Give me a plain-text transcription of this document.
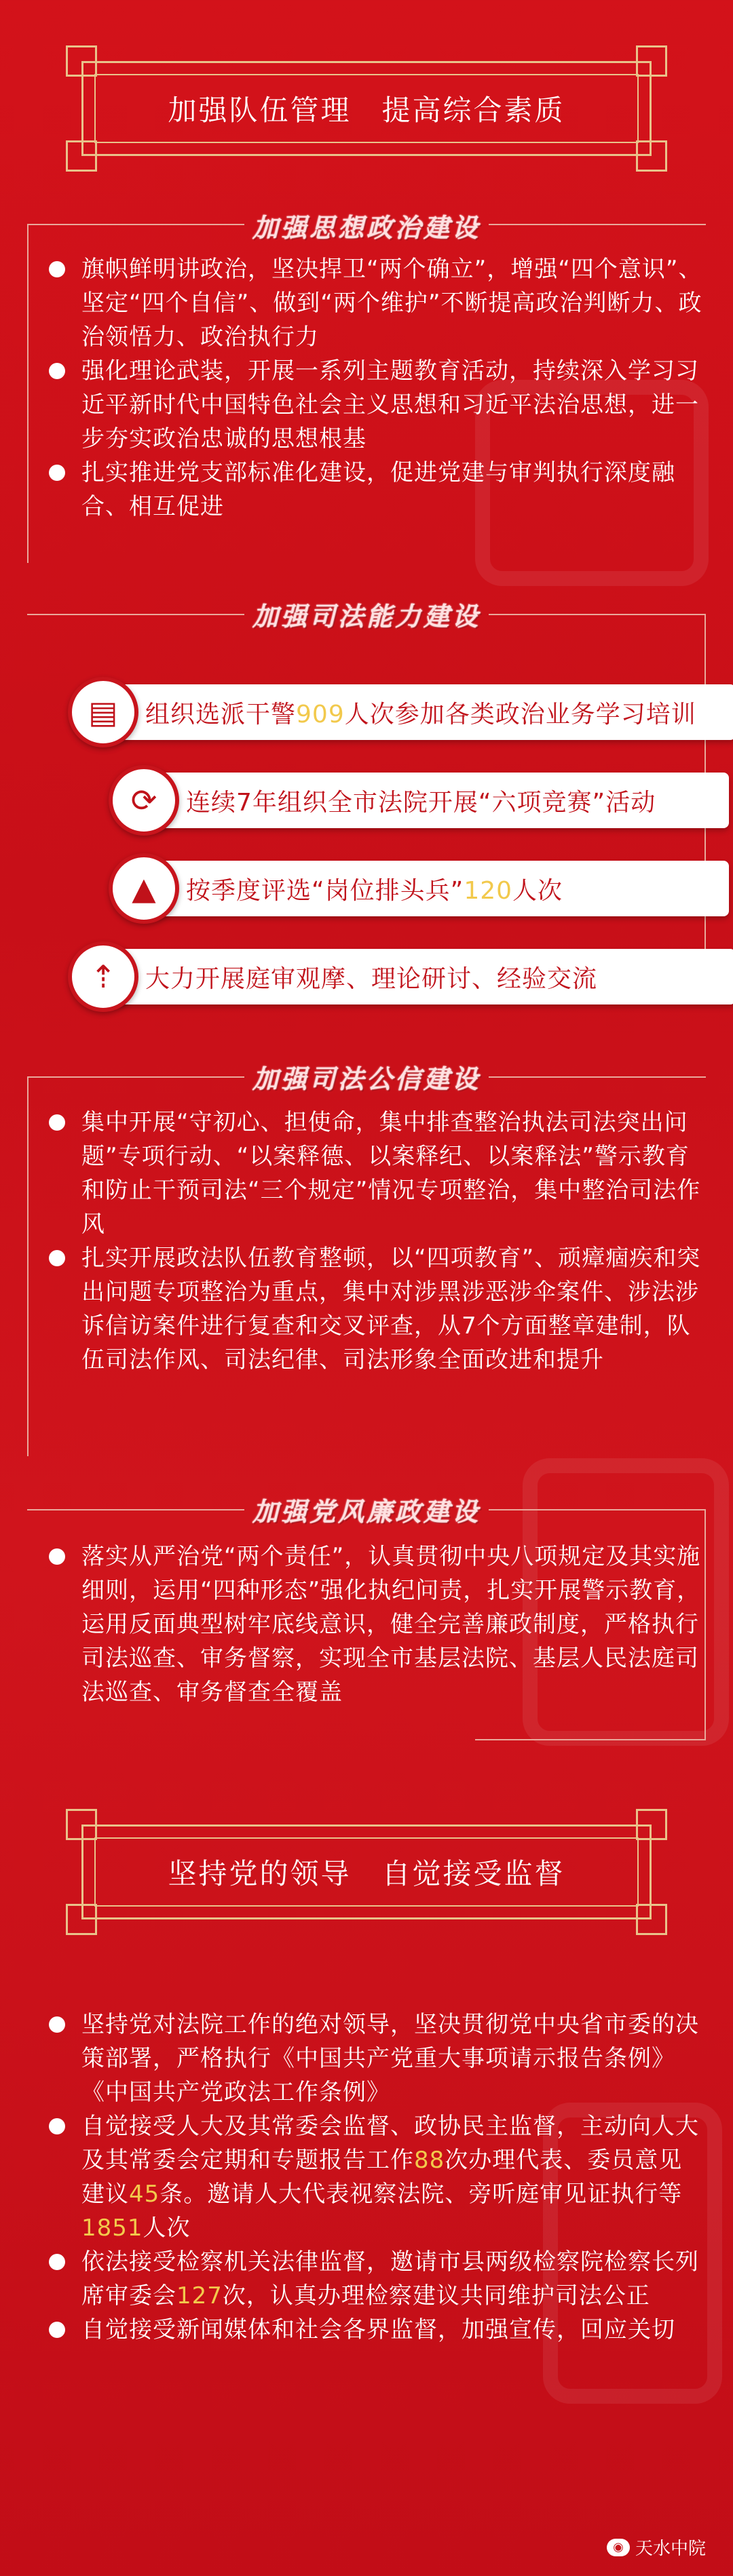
加强队伍管理　提高综合素质
加强思想政治建设
旗帜鲜明讲政治，坚决捍卫“两个确立”，增强“四个意识”、坚定“四个自信”、做到“两个维护”不断提高政治判断力、政治领悟力、政治执行力
强化理论武装，开展一系列主题教育活动，持续深入学习习近平新时代中国特色社会主义思想和习近平法治思想，进一步夯实政治忠诚的思想根基
扎实推进党支部标准化建设，促进党建与审判执行深度融合、相互促进
加强司法能力建设
▤ 组织选派干警909人次参加各类政治业务学习培训
⟳ 连续7年组织全市法院开展“六项竞赛”活动
▲ 按季度评选“岗位排头兵”120人次
⇡ 大力开展庭审观摩、理论研讨、经验交流
加强司法公信建设
集中开展“守初心、担使命，集中排查整治执法司法突出问题”专项行动、“以案释德、以案释纪、以案释法”警示教育和防止干预司法“三个规定”情况专项整治，集中整治司法作风
扎实开展政法队伍教育整顿，以“四项教育”、顽瘴痼疾和突出问题专项整治为重点，集中对涉黑涉恶涉伞案件、涉法涉诉信访案件进行复查和交叉评查，从7个方面整章建制，队伍司法作风、司法纪律、司法形象全面改进和提升
加强党风廉政建设
落实从严治党“两个责任”，认真贯彻中央八项规定及其实施细则，运用“四种形态”强化执纪问责，扎实开展警示教育，运用反面典型树牢底线意识，健全完善廉政制度，严格执行司法巡查、审务督察，实现全市基层法院、基层人民法庭司法巡查、审务督查全覆盖
坚持党的领导　自觉接受监督
坚持党对法院工作的绝对领导，坚决贯彻党中央省市委的决策部署，严格执行《中国共产党重大事项请示报告条例》《中国共产党政法工作条例》
自觉接受人大及其常委会监督、政协民主监督，主动向人大及其常委会定期和专题报告工作88次办理代表、委员意见建议45条。邀请人大代表视察法院、旁听庭审见证执行等1851人次
依法接受检察机关法律监督，邀请市县两级检察院检察长列席审委会127次，认真办理检察建议共同维护司法公正
自觉接受新闻媒体和社会各界监督，加强宣传，回应关切
◉ 天水中院
